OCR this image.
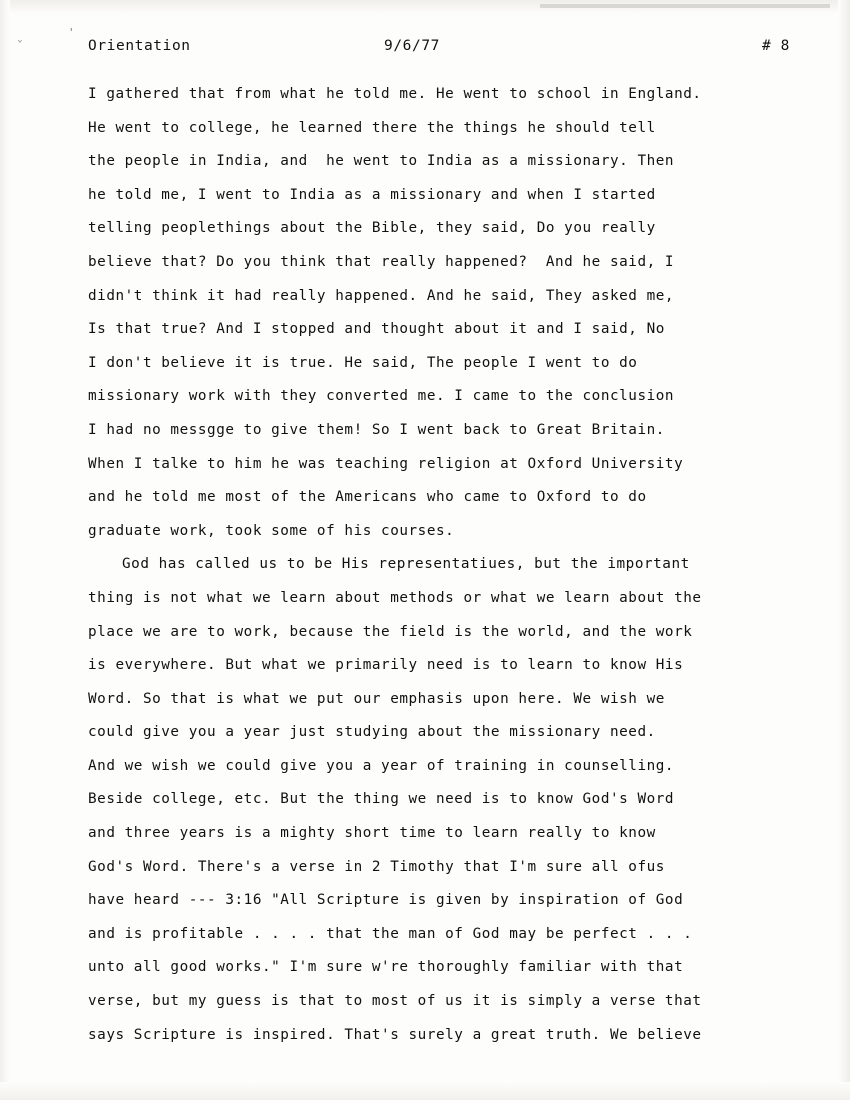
'
ˇ	Orientation	9/6/77	# 8
I gathered that from what he told me. He went to school in England.
He went to college, he learned there the things he should tell
the people in India, and  he went to India as a missionary. Then
he told me, I went to India as a missionary and when I started
telling peoplethings about the Bible, they said, Do you really
believe that? Do you think that really happened?  And he said, I
didn't think it had really happened. And he said, They asked me,
Is that true? And I stopped and thought about it and I said, No
I don't believe it is true. He said, The people I went to do
missionary work with they converted me. I came to the conclusion
I had no messgge to give them! So I went back to Great Britain.
When I talke to him he was teaching religion at Oxford University
and he told me most of the Americans who came to Oxford to do
graduate work, took some of his courses.
God has called us to be His representatiues, but the important
thing is not what we learn about methods or what we learn about the
place we are to work, because the field is the world, and the work
is everywhere. But what we primarily need is to learn to know His
Word. So that is what we put our emphasis upon here. We wish we
could give you a year just studying about the missionary need.
And we wish we could give you a year of training in counselling.
Beside college, etc. But the thing we need is to know God's Word
and three years is a mighty short time to learn really to know
God's Word. There's a verse in 2 Timothy that I'm sure all ofus
have heard --- 3:16 "All Scripture is given by inspiration of God
and is profitable . . . . that the man of God may be perfect . . .
unto all good works." I'm sure w're thoroughly familiar with that
verse, but my guess is that to most of us it is simply a verse that
says Scripture is inspired. That's surely a great truth. We believe
